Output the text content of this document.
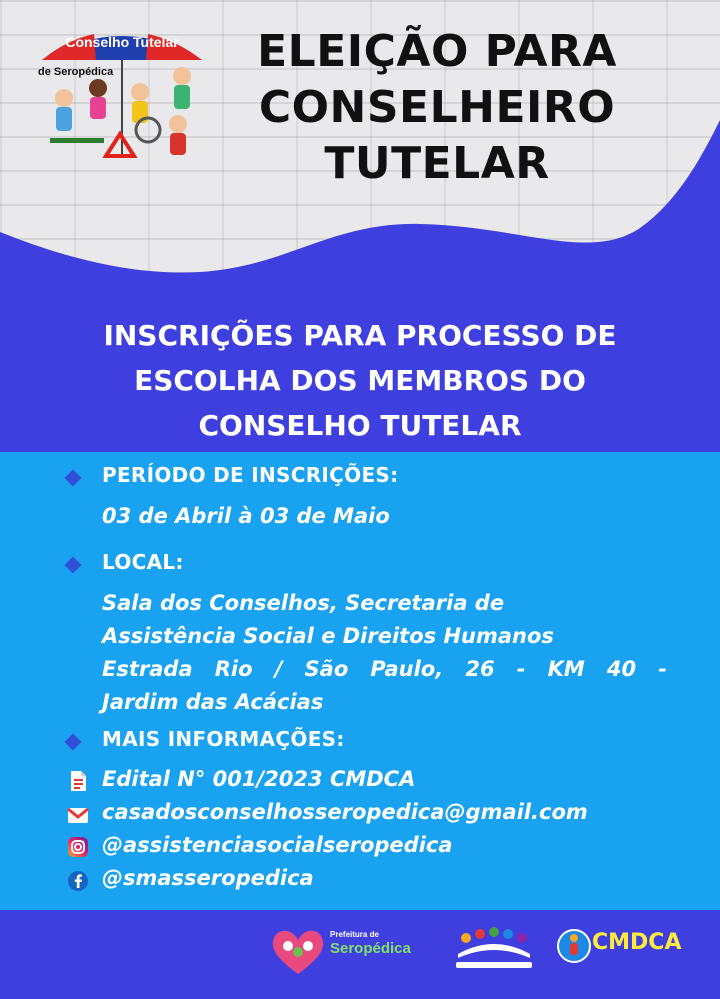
Conselho Tutelar
de Seropédica	ELEIÇÃO PARA
CONSELHEIRO
TUTELAR
INSCRIÇÕES PARA PROCESSO DE
ESCOLHA DOS MEMBROS DO
CONSELHO TUTELAR
PERÍODO DE INSCRIÇÕES:
03 de Abril à 03 de Maio
LOCAL:
Sala dos Conselhos, Secretaria de
Assistência Social e Direitos Humanos
Estrada Rio / São Paulo, 26 - KM 40 -
Jardim das Acácias
MAIS INFORMAÇÕES:
Edital N° 001/2023 CMDCA
casadosconselhosseropedica@gmail.com
@assistenciasocialseropedica
@smasseropedica
Prefeitura de
Seropédica	CMDCA
